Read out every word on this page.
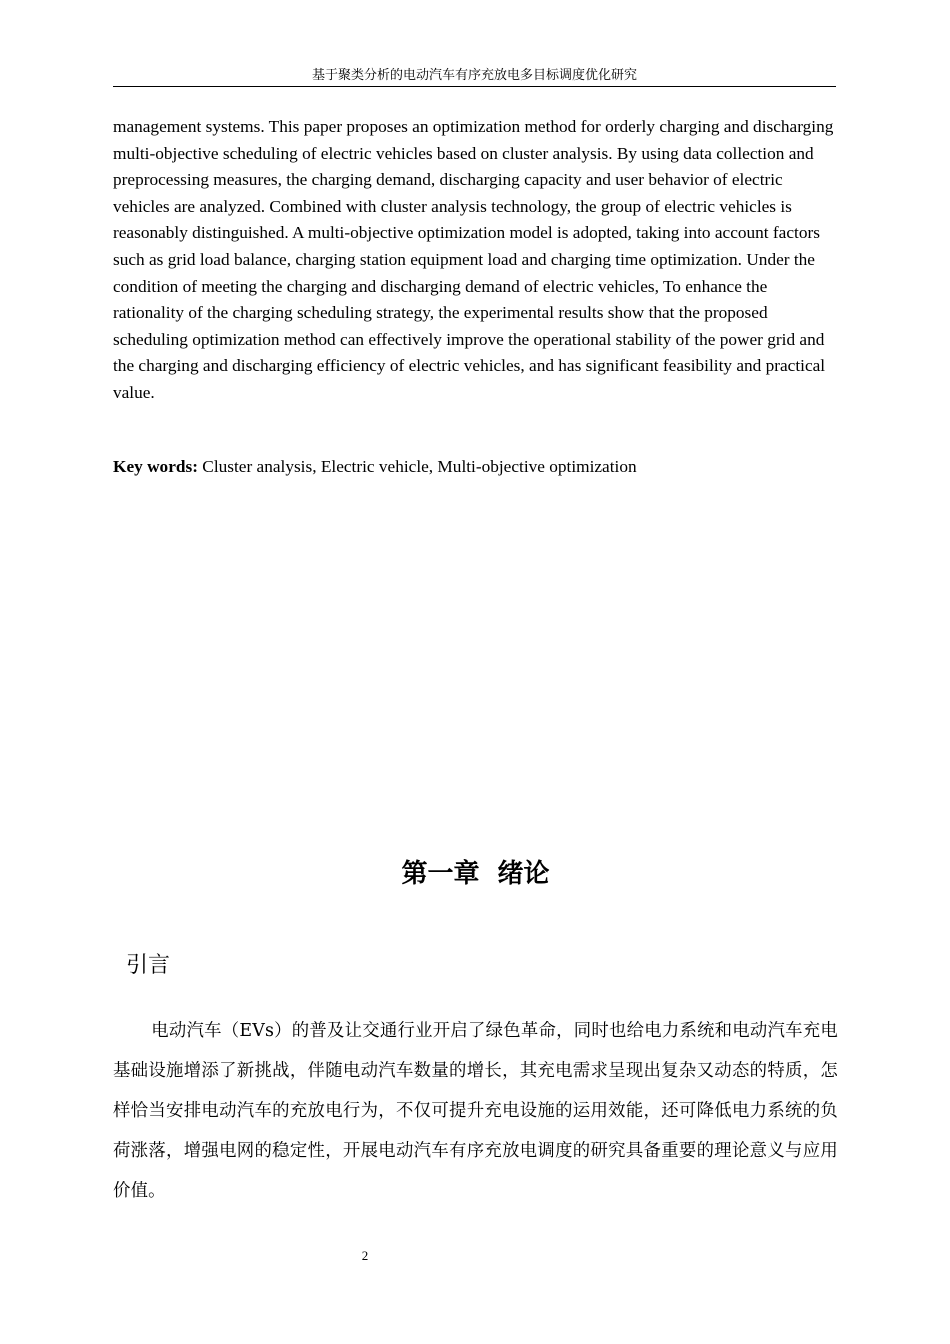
基于聚类分析的电动汽车有序充放电多目标调度优化研究

management systems. This paper proposes an optimization method for orderly charging and discharging multi-objective scheduling of electric vehicles based on cluster analysis. By using data collection and preprocessing measures, the charging demand, discharging capacity and user behavior of electric vehicles are analyzed. Combined with cluster analysis technology, the group of electric vehicles is reasonably distinguished. A multi-objective optimization model is adopted, taking into account factors such as grid load balance, charging station equipment load and charging time optimization. Under the condition of meeting the charging and discharging demand of electric vehicles, To enhance the rationality of the charging scheduling strategy, the experimental results show that the proposed scheduling optimization method can effectively improve the operational stability of the power grid and the charging and discharging efficiency of electric vehicles, and has significant feasibility and practical value.

Key words: Cluster analysis, Electric vehicle, Multi-objective optimization

第一章  绪论
引言

电动汽车（EVs）的普及让交通行业开启了绿色革命，同时也给电力系统和电动汽车充电基础设施增添了新挑战，伴随电动汽车数量的增长，其充电需求呈现出复杂又动态的特质，怎样恰当安排电动汽车的充放电行为，不仅可提升充电设施的运用效能，还可降低电力系统的负荷涨落，增强电网的稳定性，开展电动汽车有序充放电调度的研究具备重要的理论意义与应用价值。

2
